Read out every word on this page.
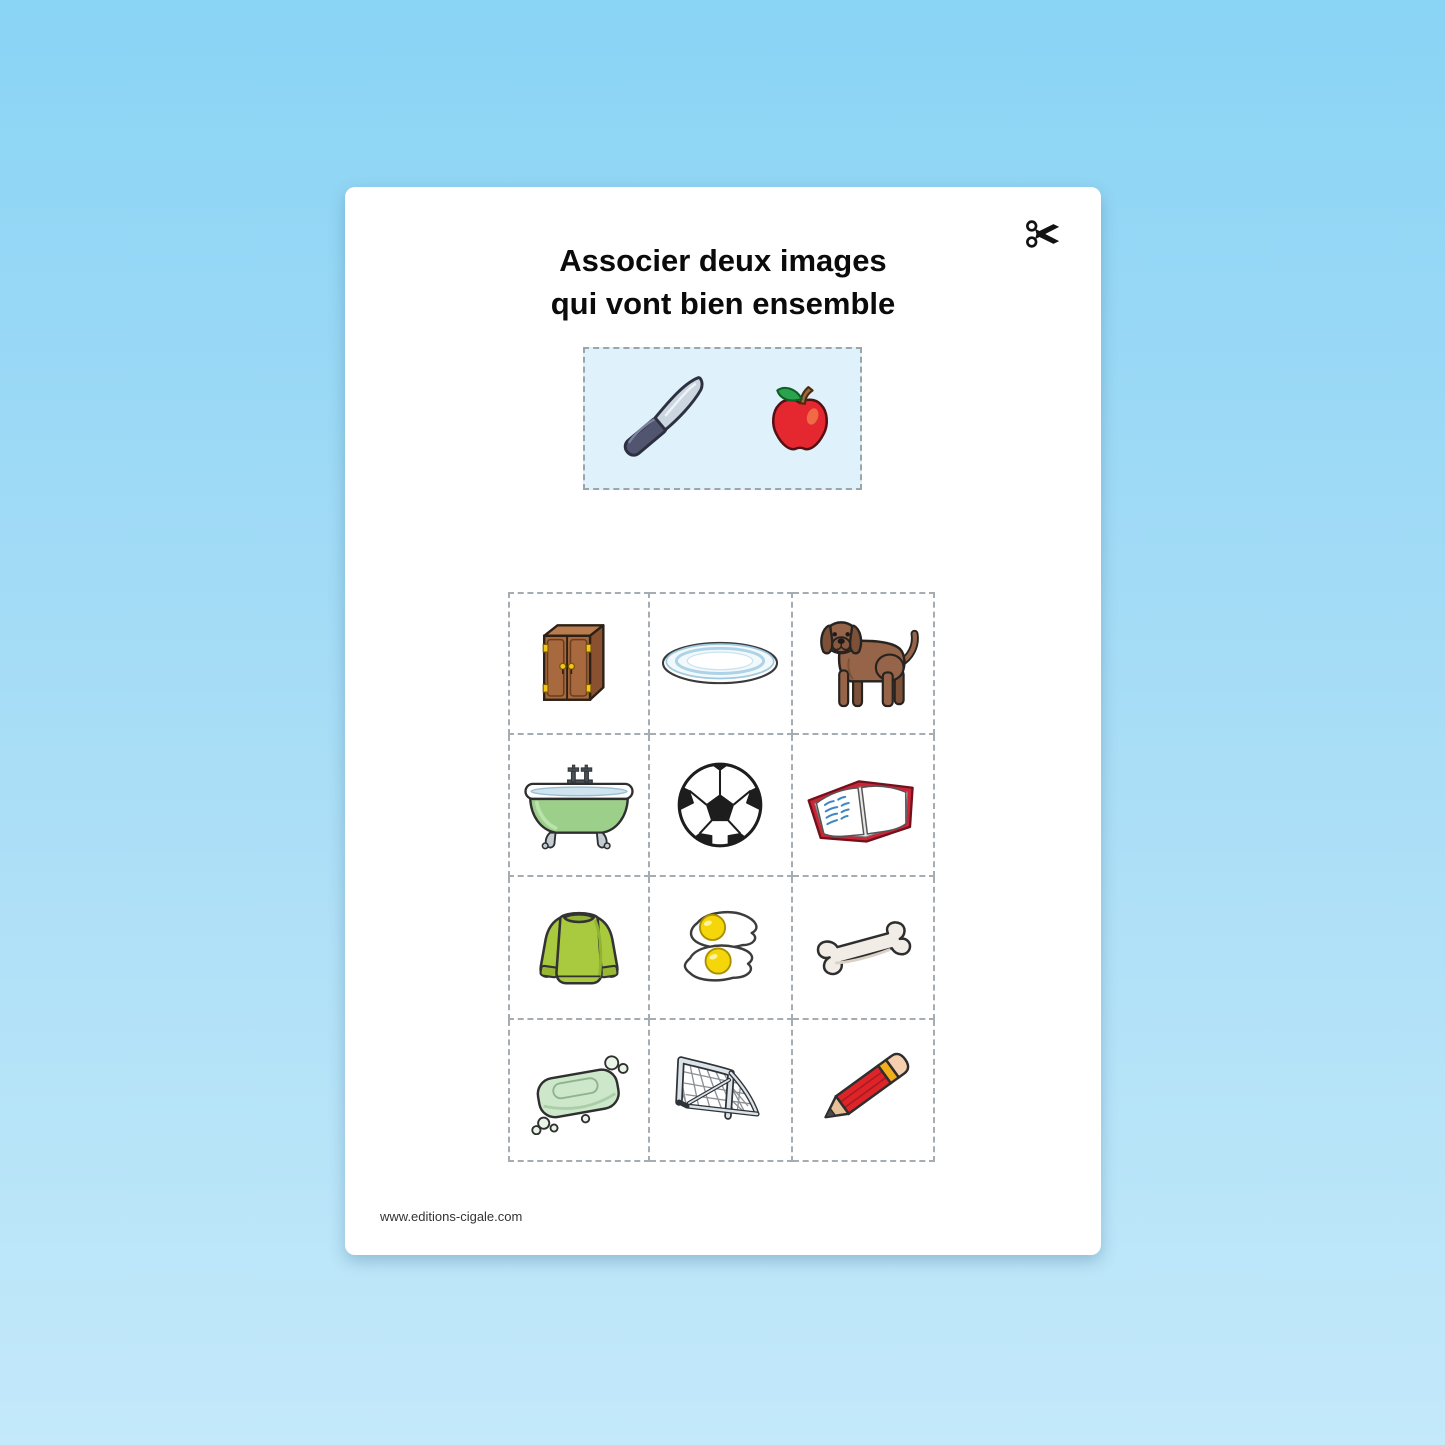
Associer deux images
qui vont bien ensemble
www.editions-cigale.com
